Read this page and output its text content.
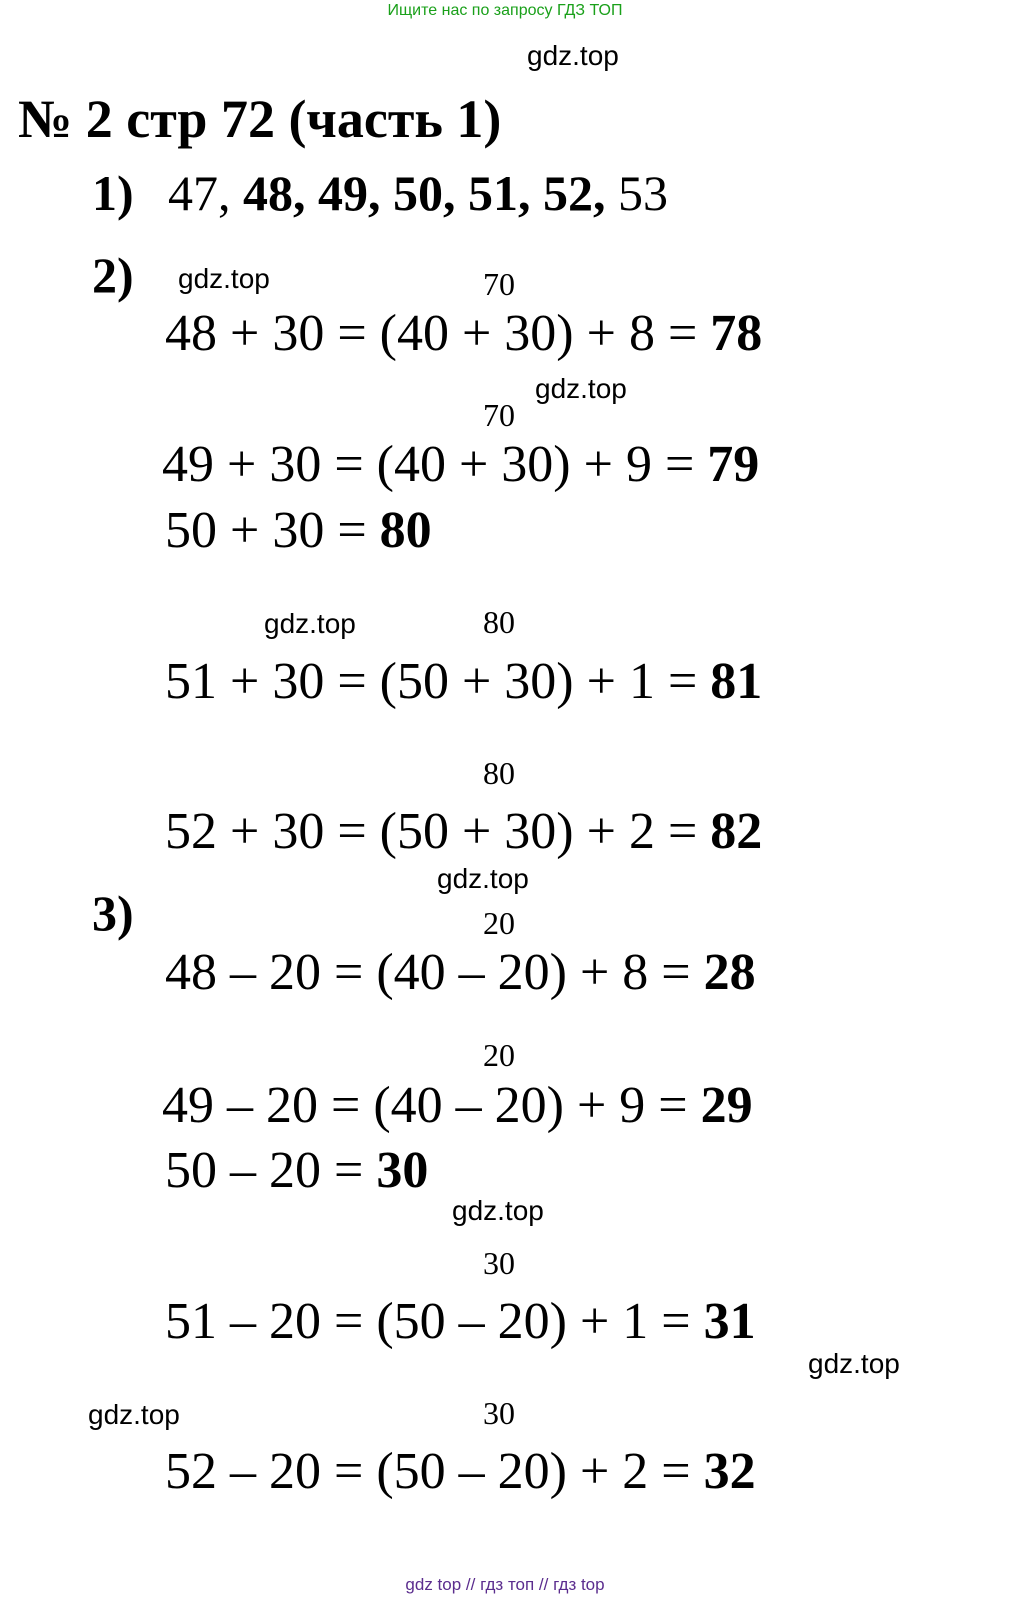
Ищите нас по запросу ГДЗ ТОП
gdz.top
gdz.top
gdz.top
gdz.top
gdz.top
gdz.top
gdz.top
gdz.top
№ 2 стр 72 (часть 1)
1) 47, 48, 49, 50, 51, 52, 53
2)	70
48 + 30 = (40 + 30) + 8 = 78
70
49 + 30 = (40 + 30) + 9 = 79
50 + 30 = 80
80
51 + 30 = (50 + 30) + 1 = 81
80
52 + 30 = (50 + 30) + 2 = 82
3)	20
48 – 20 = (40 – 20) + 8 = 28
20
49 – 20 = (40 – 20) + 9 = 29
50 – 20 = 30
30
51 – 20 = (50 – 20) + 1 = 31
30
52 – 20 = (50 – 20) + 2 = 32
gdz top // гдз топ // гдз top
